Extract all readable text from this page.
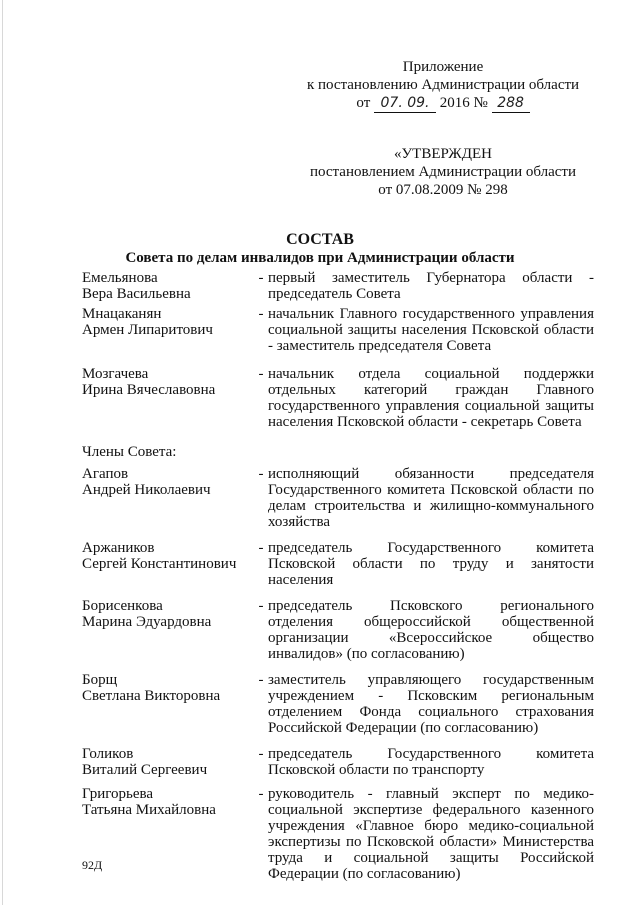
Приложение
к постановлению Администрации области
от 07. 09. 2016 № 288
«УТВЕРЖДЕН
постановлением Администрации области
от 07.08.2009 № 298
СОСТАВ
Совета по делам инвалидов при Администрации области
Емельянова
Вера Васильевна
- первый заместитель Губернатора области - председатель Совета
Мнацаканян
Армен Липаритович
- начальник Главного государственного управления социальной защиты населения Псковской области - заместитель председателя Совета
Мозгачева
Ирина Вячеславовна
- начальник отдела социальной поддержки отдельных категорий граждан Главного государственного управления социальной защиты населения Псковской области - секретарь Совета
Члены Совета:
Агапов
Андрей Николаевич
- исполняющий обязанности председателя Государственного комитета Псковской области по делам строительства и жилищно-коммунального хозяйства
Аржаников
Сергей Константинович
- председатель Государственного комитета Псковской области по труду и занятости населения
Борисенкова
Марина Эдуардовна
- председатель Псковского регионального отделения общероссийской общественной организации «Всероссийское общество инвалидов» (по согласованию)
Борщ
Светлана Викторовна
- заместитель управляющего государственным учреждением - Псковским региональным отделением Фонда социального страхования Российской Федерации (по согласованию)
Голиков
Виталий Сергеевич
- председатель Государственного комитета Псковской области по транспорту
Григорьева
Татьяна Михайловна
- руководитель - главный эксперт по медико-социальной экспертизе федерального казенного учреждения «Главное бюро медико-социальной экспертизы по Псковской области» Министерства труда и социальной защиты Российской Федерации (по согласованию)
92Д
